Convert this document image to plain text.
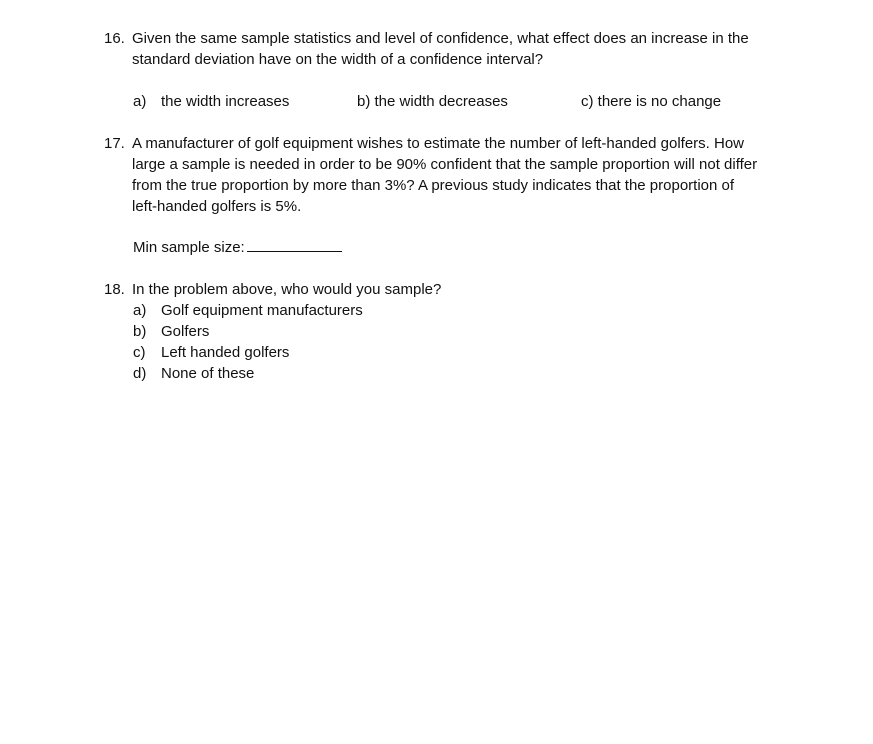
16. Given the same sample statistics and level of confidence, what effect does an increase in the
standard deviation have on the width of a confidence interval?
a) the width increases	b) the width decreases	c) there is no change
17. A manufacturer of golf equipment wishes to estimate the number of left-handed golfers. How
large a sample is needed in order to be 90% confident that the sample proportion will not differ
from the true proportion by more than 3%? A previous study indicates that the proportion of
left-handed golfers is 5%.
Min sample size:
18. In the problem above, who would you sample?
a) Golf equipment manufacturers
b) Golfers
c)	Left handed golfers
d) None of these
